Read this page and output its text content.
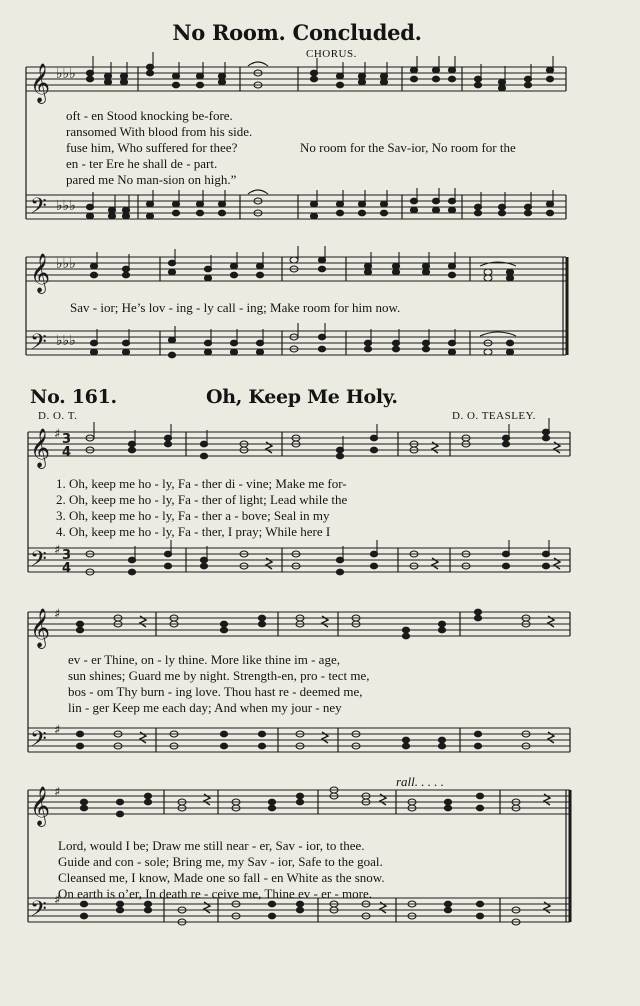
No Room. Concluded.
CHORUS.
𝄞
𝄢
𝄞
𝄢
♭♭♭
♭♭♭
♭♭♭
♭♭♭
oft - en Stood knocking be-fore.
ransomed With blood from his side.
fuse him, Who suffered for thee?
en - ter Ere he shall de - part.
pared me No man-sion on high.”
No room for the Sav-ior, No room for the
Sav - ior; He’s lov - ing - ly call - ing; Make room for him now.
No. 161.	Oh, Keep Me Holy.
D. O. T.	D. O. TEASLEY.
𝄞
𝄢
𝄞
𝄢
𝄞
𝄢
♯
♯
♯
♯
♯
♯
3
4
3
4
1. Oh, keep me ho - ly, Fa - ther di - vine; Make me for-
2. Oh, keep me ho - ly, Fa - ther of light; Lead while the
3. Oh, keep me ho - ly, Fa - ther a - bove; Seal in my
4. Oh, keep me ho - ly, Fa - ther, I pray; While here I
ev - er Thine, on - ly thine. More like thine im - age,
sun shines; Guard me by night. Strength-en, pro - tect me,
bos - om Thy burn - ing love. Thou hast re - deemed me,
lin - ger Keep me each day; And when my jour - ney
rall. . . . .
Lord, would I be; Draw me still near - er, Sav - ior, to thee.
Guide and con - sole; Bring me, my Sav - ior, Safe to the goal.
Cleansed me, I know, Made one so fall - en White as the snow.
On earth is o’er, In death re - ceive me, Thine ev - er - more.
